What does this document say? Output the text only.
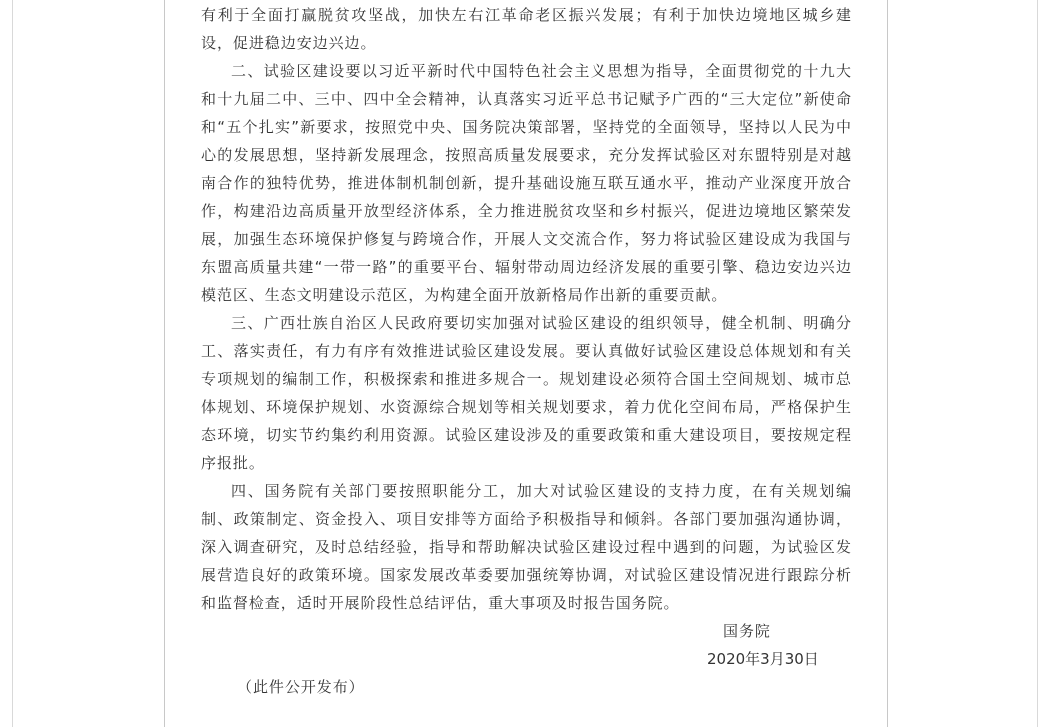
有利于全面打赢脱贫攻坚战，加快左右江革命老区振兴发展；有利于加快边境地区城乡建设，促进稳边安边兴边。

二、试验区建设要以习近平新时代中国特色社会主义思想为指导，全面贯彻党的十九大和十九届二中、三中、四中全会精神，认真落实习近平总书记赋予广西的“三大定位”新使命和“五个扎实”新要求，按照党中央、国务院决策部署，坚持党的全面领导，坚持以人民为中心的发展思想，坚持新发展理念，按照高质量发展要求，充分发挥试验区对东盟特别是对越南合作的独特优势，推进体制机制创新，提升基础设施互联互通水平，推动产业深度开放合作，构建沿边高质量开放型经济体系，全力推进脱贫攻坚和乡村振兴，促进边境地区繁荣发展，加强生态环境保护修复与跨境合作，开展人文交流合作，努力将试验区建设成为我国与东盟高质量共建“一带一路”的重要平台、辐射带动周边经济发展的重要引擎、稳边安边兴边模范区、生态文明建设示范区，为构建全面开放新格局作出新的重要贡献。

三、广西壮族自治区人民政府要切实加强对试验区建设的组织领导，健全机制、明确分工、落实责任，有力有序有效推进试验区建设发展。要认真做好试验区建设总体规划和有关专项规划的编制工作，积极探索和推进多规合一。规划建设必须符合国土空间规划、城市总体规划、环境保护规划、水资源综合规划等相关规划要求，着力优化空间布局，严格保护生态环境，切实节约集约利用资源。试验区建设涉及的重要政策和重大建设项目，要按规定程序报批。

四、国务院有关部门要按照职能分工，加大对试验区建设的支持力度，在有关规划编制、政策制定、资金投入、项目安排等方面给予积极指导和倾斜。各部门要加强沟通协调，深入调查研究，及时总结经验，指导和帮助解决试验区建设过程中遇到的问题，为试验区发展营造良好的政策环境。国家发展改革委要加强统筹协调，对试验区建设情况进行跟踪分析和监督检查，适时开展阶段性总结评估，重大事项及时报告国务院。

国务院

2020年3月30日

（此件公开发布）
